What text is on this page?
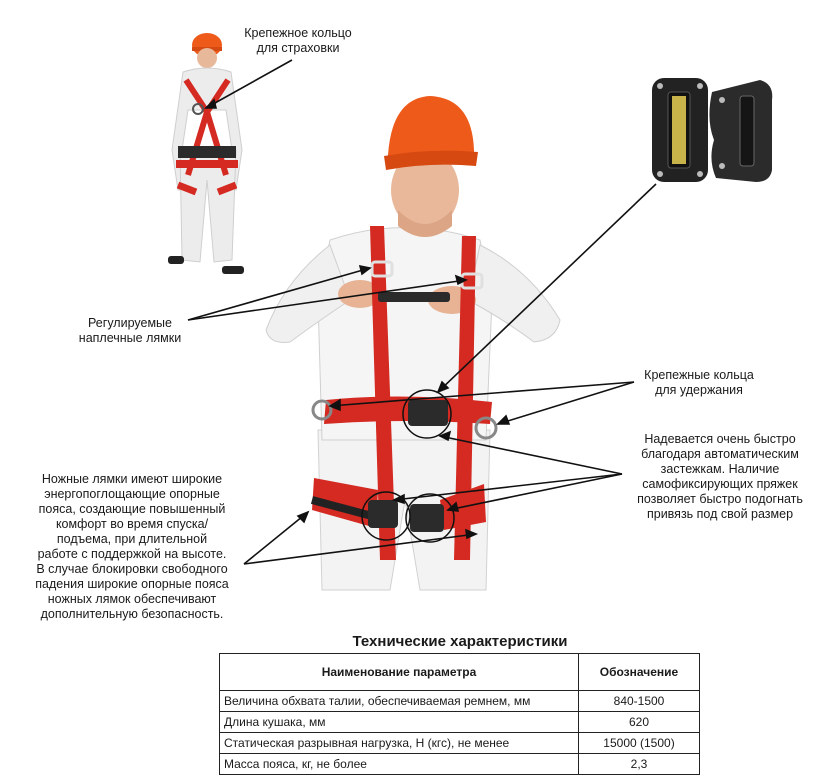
Крепежное кольцо
для страховки
Регулируемые
наплечные лямки
Крепежные кольца
для удержания
Надевается очень быстро
благодаря автоматическим
застежкам. Наличие
самофиксирующих пряжек
позволяет быстро подогнать
привязь под свой размер
Ножные лямки имеют широкие
энергопоглощающие опорные
пояса, создающие повышенный
комфорт во время спуска/
подъема, при длительной
работе с поддержкой на высоте.
В случае блокировки свободного
падения широкие опорные пояса
ножных лямок обеспечивают
дополнительную безопасность.
Технические характеристики
Наименование параметра	Обозначение
Величина обхвата талии, обеспечиваемая ремнем, мм	840-1500
Длина кушака, мм	620
Статическая разрывная нагрузка, Н (кгс), не менее	15000 (1500)
Масса пояса, кг, не более	2,3
